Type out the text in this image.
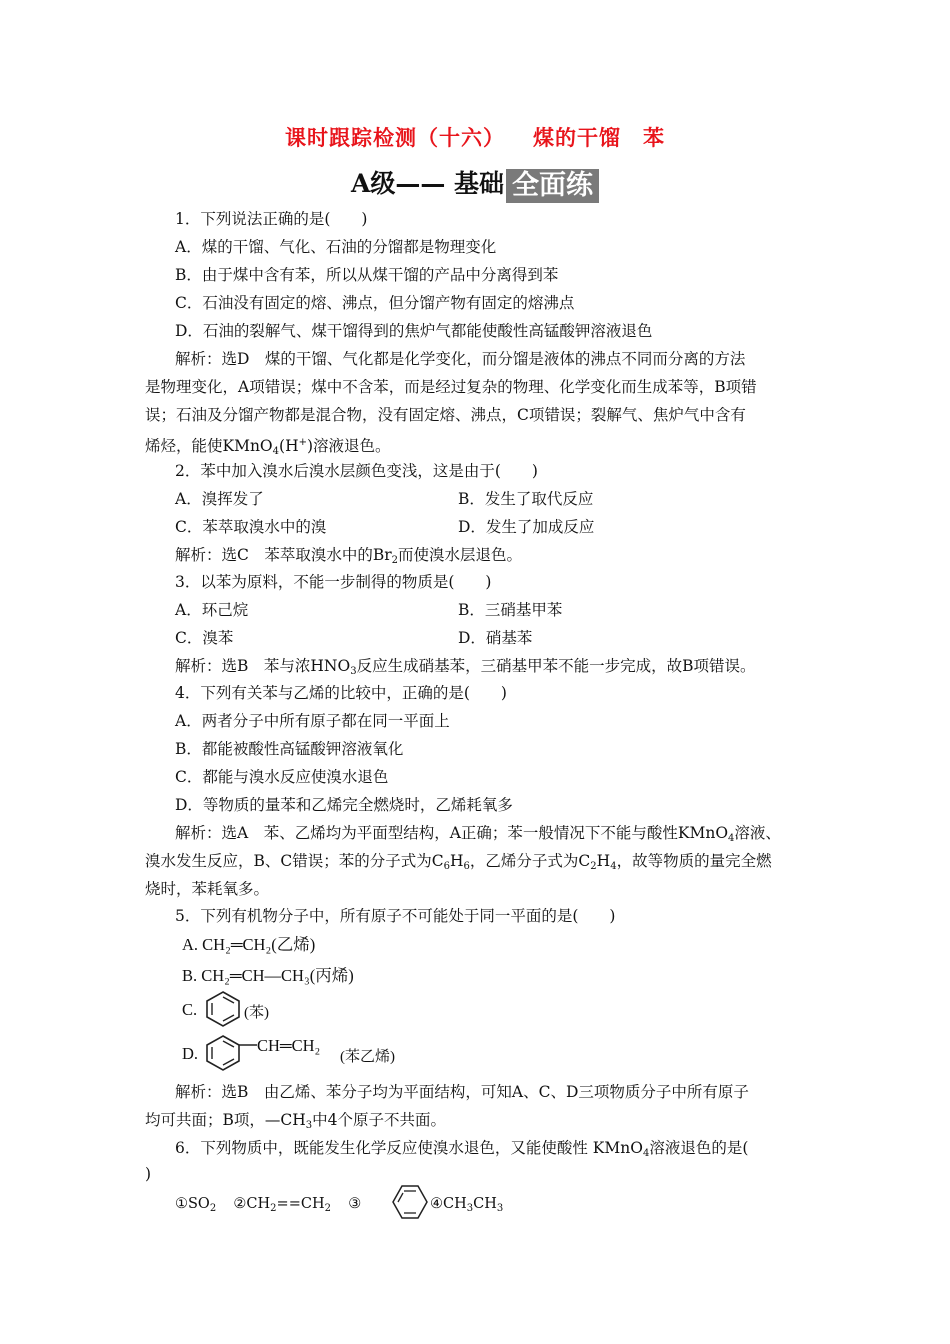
课时跟踪检测（十六） 煤的干馏　苯
A级—— 基础 全面练
1．下列说法正确的是(　　)
A．煤的干馏、气化、石油的分馏都是物理变化
B．由于煤中含有苯，所以从煤干馏的产品中分离得到苯
C．石油没有固定的熔、沸点，但分馏产物有固定的熔沸点
D．石油的裂解气、煤干馏得到的焦炉气都能使酸性高锰酸钾溶液退色
解析：选D　煤的干馏、气化都是化学变化，而分馏是液体的沸点不同而分离的方法
是物理变化，A项错误；煤中不含苯，而是经过复杂的物理、化学变化而生成苯等，B项错
误；石油及分馏产物都是混合物，没有固定熔、沸点，C项错误；裂解气、焦炉气中含有
烯烃，能使KMnO$_4$(H+)溶液退色。
2．苯中加入溴水后溴水层颜色变浅，这是由于(　　)
A．溴挥发了	B．发生了取代反应
C．苯萃取溴水中的溴	D．发生了加成反应
解析：选C　苯萃取溴水中的$Br_2$而使溴水层退色。
3．以苯为原料，不能一步制得的物质是(　　)
A．环己烷	B．三硝基甲苯
C．溴苯	D．硝基苯
解析：选B　苯与浓$HNO_3$反应生成硝基苯，三硝基甲苯不能一步完成，故B项错误。
4．下列有关苯与乙烯的比较中，正确的是(　　)
A．两者分子中所有原子都在同一平面上
B．都能被酸性高锰酸钾溶液氧化
C．都能与溴水反应使溴水退色
D．等物质的量苯和乙烯完全燃烧时，乙烯耗氧多
解析：选A　苯、乙烯均为平面型结构，A正确；苯一般情况下不能与酸性KMnO$_4$溶液、
溴水发生反应，B、C错误；苯的分子式为$C_6H_6$，乙烯分子式为$C_2H_4$，故等物质的量完全燃
烧时，苯耗氧多。
5．下列有机物分子中，所有原子不可能处于同一平面的是(　　)
A. CH₂═CH₂(乙烯)
B. CH₂═CH—CH₃(丙烯)
C.	(苯)
D.	CH═CH₂
(苯乙烯)
解析：选B　由乙烯、苯分子均为平面结构，可知A、C、D三项物质分子中所有原子
均可共面；B项，$—CH_3$中4个原子不共面。
6．下列物质中，既能发生化学反应使溴水退色，又能使酸性 KMnO$_4$溶液退色的是(
)
$①SO_2$ $②CH_2==CH_2$ ③	$④CH_3CH_3$
